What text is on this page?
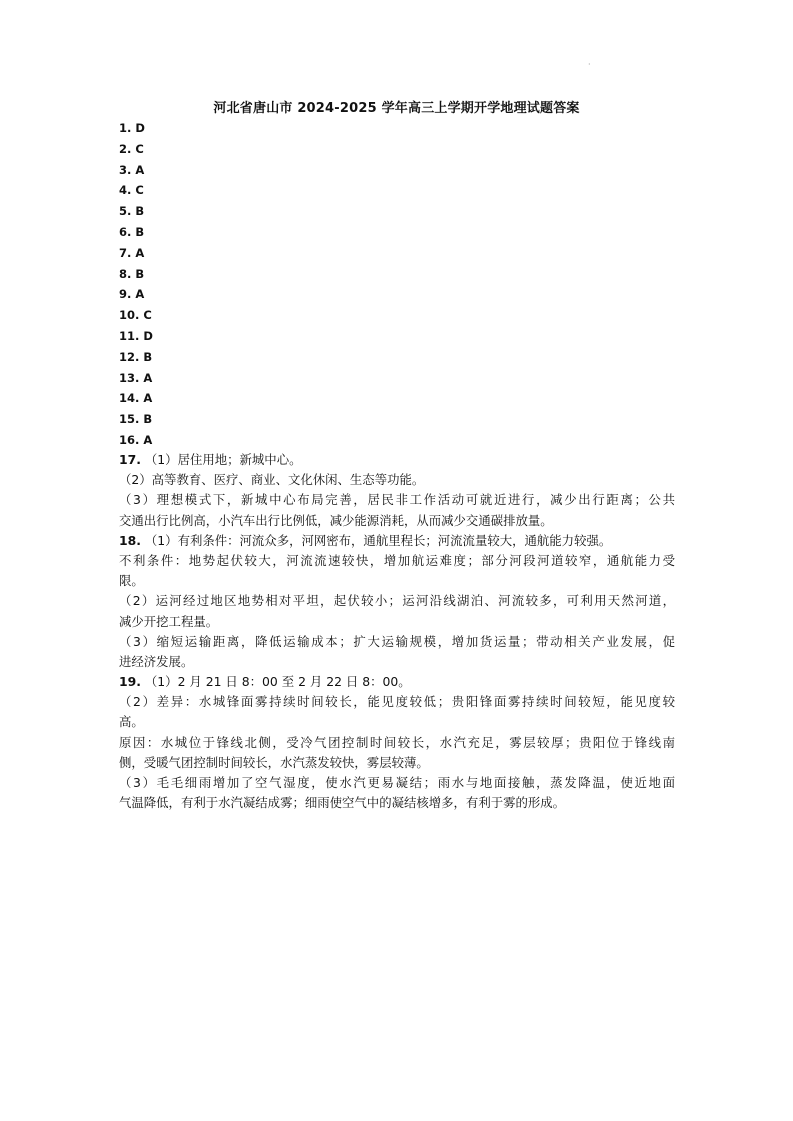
·
河北省唐山市 2024-2025 学年高三上学期开学地理试题答案
1. D
2. C
3. A
4. C
5. B
6. B
7. A
8. B
9. A
10. C
11. D
12. B
13. A
14. A
15. B
16. A
17. （1）居住用地；新城中心。
（2）高等教育、医疗、商业、文化休闲、生态等功能。
（3）理想模式下，新城中心布局完善，居民非工作活动可就近进行，减少出行距离；公共
交通出行比例高，小汽车出行比例低，减少能源消耗，从而减少交通碳排放量。
18. （1）有利条件：河流众多，河网密布，通航里程长；河流流量较大，通航能力较强。
不利条件：地势起伏较大，河流流速较快，增加航运难度；部分河段河道较窄，通航能力受
限。
（2）运河经过地区地势相对平坦，起伏较小；运河沿线湖泊、河流较多，可利用天然河道，
减少开挖工程量。
（3）缩短运输距离，降低运输成本；扩大运输规模，增加货运量；带动相关产业发展，促
进经济发展。
19. （1）2 月 21 日 8：00 至 2 月 22 日 8：00。
（2）差异：水城锋面雾持续时间较长，能见度较低；贵阳锋面雾持续时间较短，能见度较
高。
原因：水城位于锋线北侧，受冷气团控制时间较长，水汽充足，雾层较厚；贵阳位于锋线南
侧，受暖气团控制时间较长，水汽蒸发较快，雾层较薄。
（3）毛毛细雨增加了空气湿度，使水汽更易凝结；雨水与地面接触，蒸发降温，使近地面
气温降低，有利于水汽凝结成雾；细雨使空气中的凝结核增多，有利于雾的形成。
